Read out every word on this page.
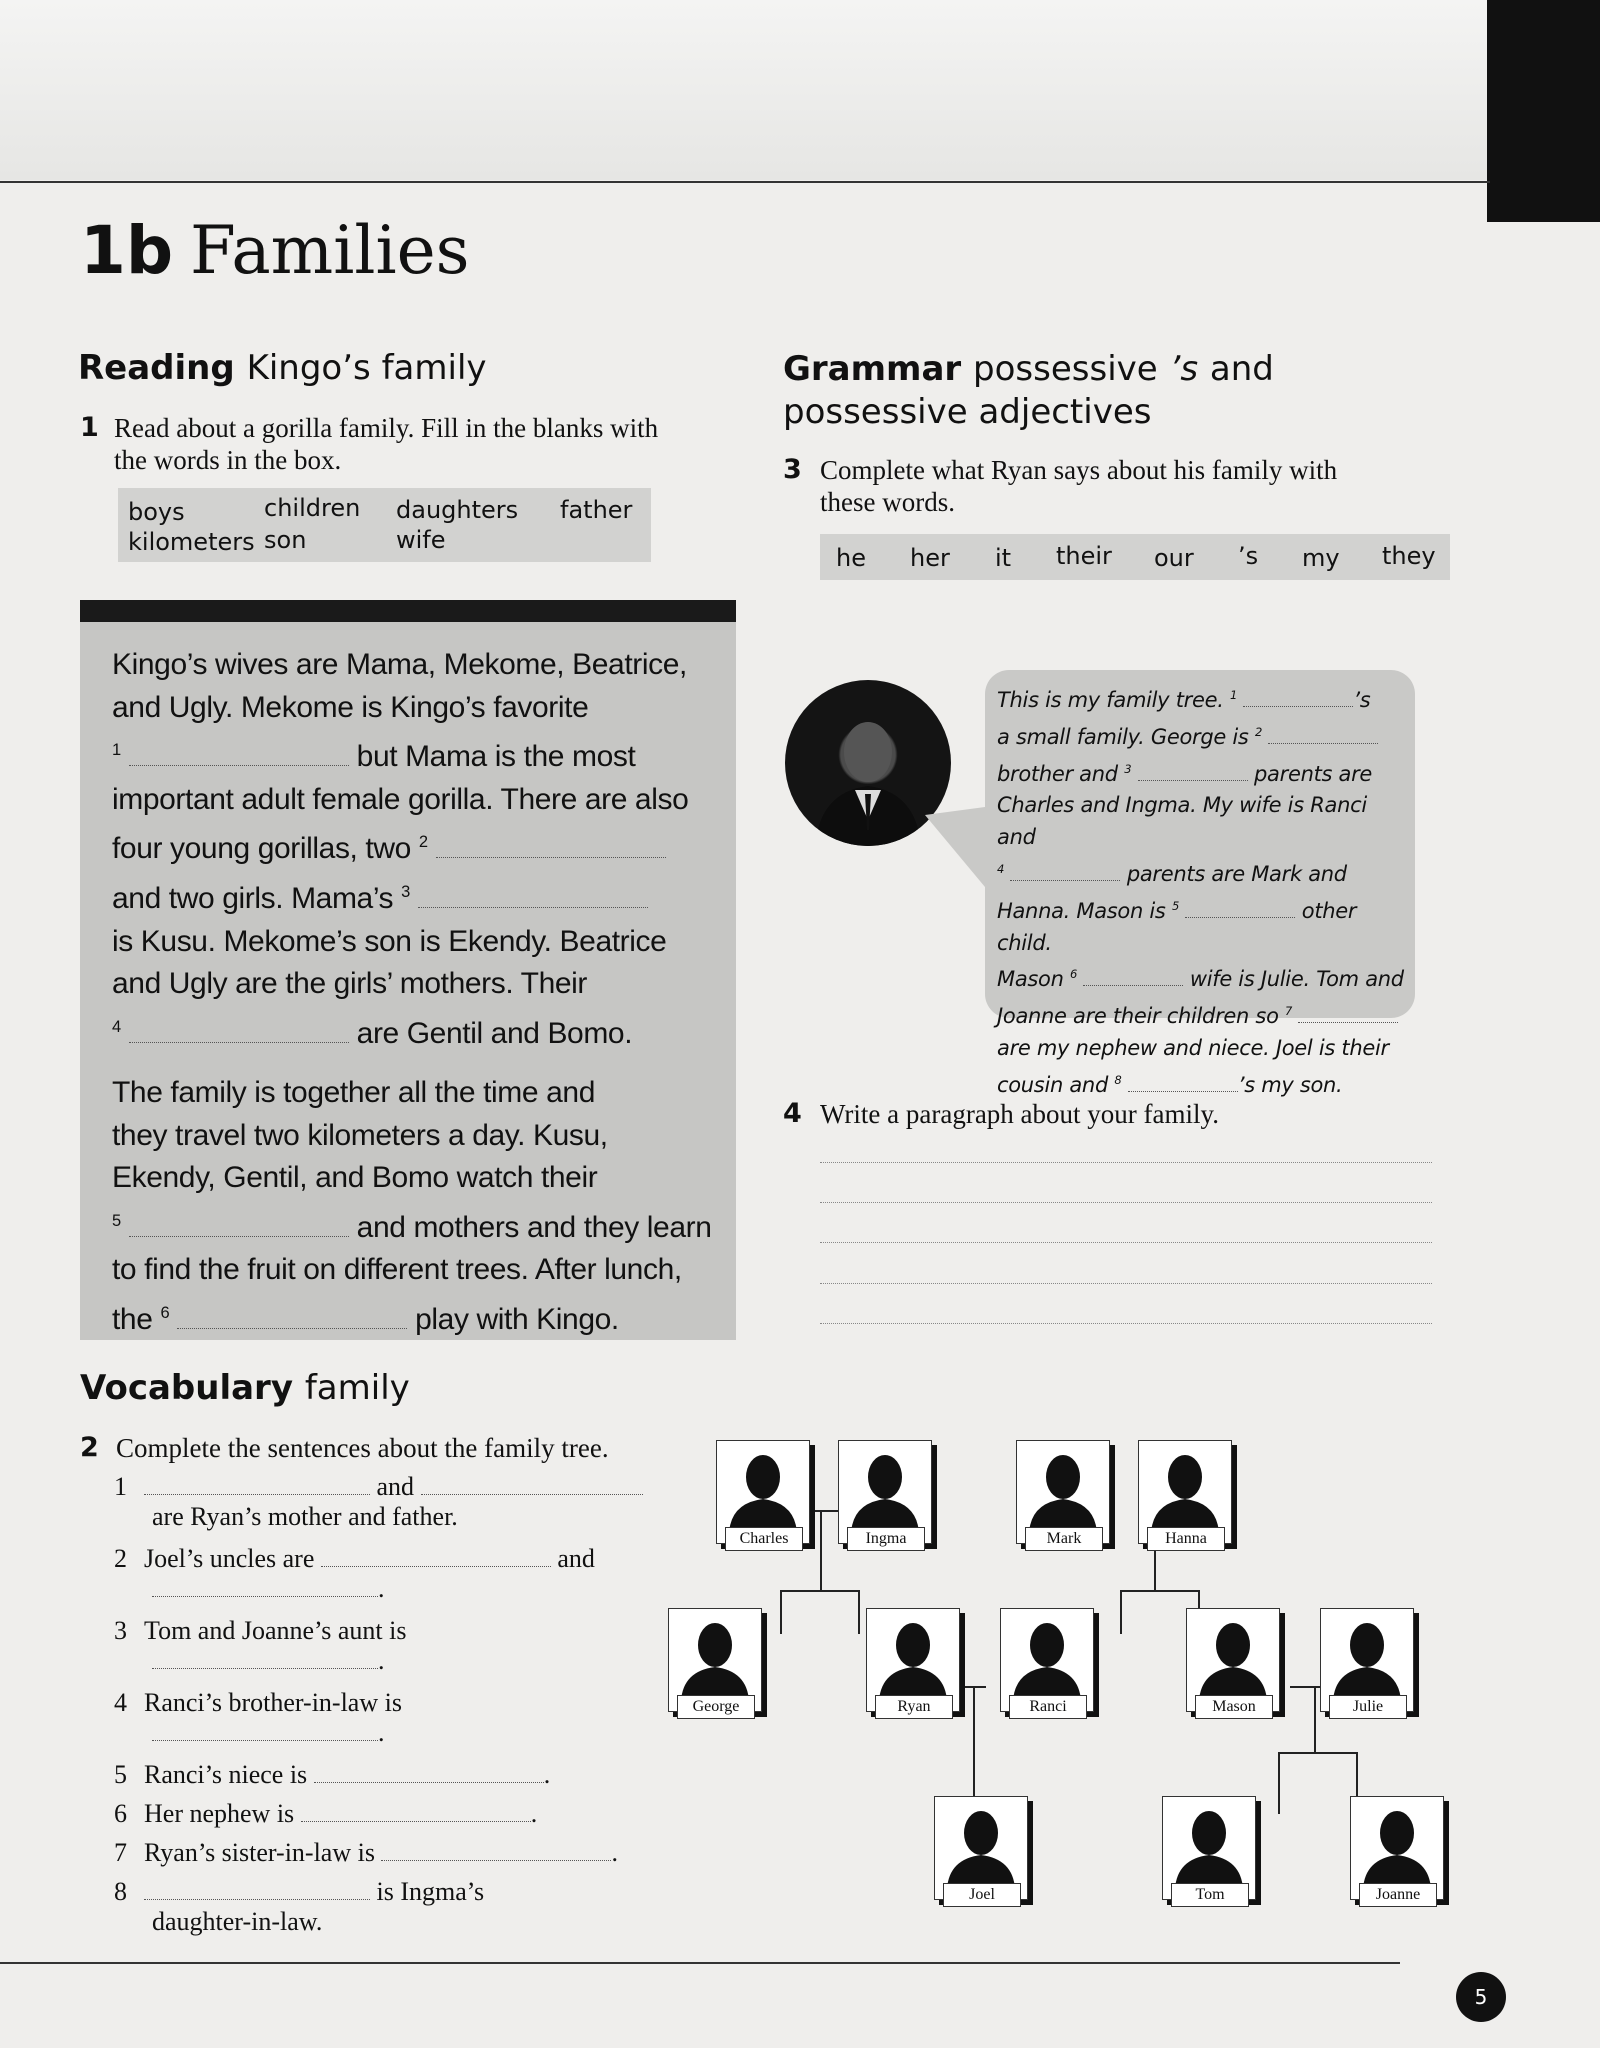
1b Families
Reading Kingo’s family
1 Read about a gorilla family. Fill in the blanks with
the words in the box.
boys	children daughters father
kilometers son	wife
Kingo’s wives are Mama, Mekome, Beatrice,
and Ugly. Mekome is Kingo’s favorite
$^1$	but Mama is the most
important adult female gorilla. There are also
four young gorillas, two $^2$
and two girls. Mama’s $^3$
is Kusu. Mekome’s son is Ekendy. Beatrice
and Ugly are the girls’ mothers. Their
$^4$	are Gentil and Bomo.
The family is together all the time and
they travel two kilometers a day. Kusu,
Ekendy, Gentil, and Bomo watch their
$^5$	and mothers and they learn
to find the fruit on different trees. After lunch,
the $^6$	play with Kingo.
Grammar possessive ’s and
possessive adjectives
3 Complete what Ryan says about his family with
these words.
he her it their our ’s my they
This is my family tree. $^1$	’s
a small family. George is $^2$
brother and $^3$	parents are
Charles and Ingma. My wife is Ranci and
$^4$	parents are Mark and
Hanna. Mason is $^5$	other child.
Mason $^6$	wife is Julie. Tom and
Joanne are their children so $^7$
are my nephew and niece. Joel is their
cousin and $^8$	’s my son.
4 Write a paragraph about your family.
Vocabulary family
2 Complete the sentences about the family tree.
1	and
are Ryan’s mother and father.
2 Joel’s uncles are	and
.
3 Tom and Joanne’s aunt is
.
4 Ranci’s brother-in-law is
.
5 Ranci’s niece is	.
6 Her nephew is	.
7 Ryan’s sister-in-law is	.
8	is Ingma’s
daughter-in-law.
Charles	Ingma	Mark	Hanna
George	Ryan	Ranci	Mason	Julie
Joel	Tom	Joanne
5
